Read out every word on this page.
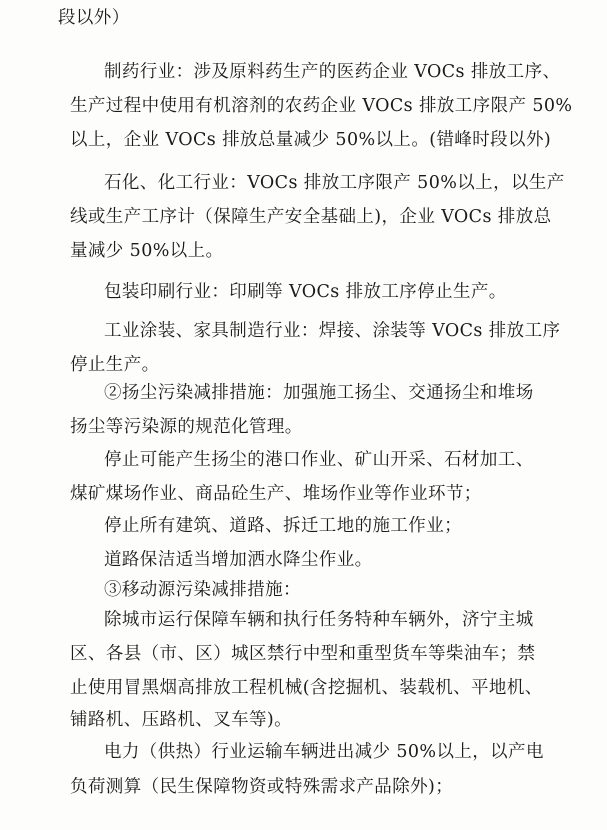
段以外）
制药行业：涉及原料药生产的医药企业 VOCs 排放工序、
生产过程中使用有机溶剂的农药企业 VOCs 排放工序限产 50%
以上，企业 VOCs 排放总量减少 50%以上。(错峰时段以外)
石化、化工行业：VOCs 排放工序限产 50%以上，以生产
线或生产工序计（保障生产安全基础上)，企业 VOCs 排放总
量减少 50%以上。
包装印刷行业：印刷等 VOCs 排放工序停止生产。
工业涂装、家具制造行业：焊接、涂装等 VOCs 排放工序
停止生产。
②扬尘污染减排措施：加强施工扬尘、交通扬尘和堆场
扬尘等污染源的规范化管理。
停止可能产生扬尘的港口作业、矿山开采、石材加工、
煤矿煤场作业、商品砼生产、堆场作业等作业环节；
停止所有建筑、道路、拆迁工地的施工作业；
道路保洁适当增加洒水降尘作业。
③移动源污染减排措施：
除城市运行保障车辆和执行任务特种车辆外，济宁主城
区、各县（市、区）城区禁行中型和重型货车等柴油车；禁
止使用冒黑烟高排放工程机械(含挖掘机、装载机、平地机、
铺路机、压路机、叉车等)。
电力（供热）行业运输车辆进出减少 50%以上，以产电
负荷测算（民生保障物资或特殊需求产品除外)；
